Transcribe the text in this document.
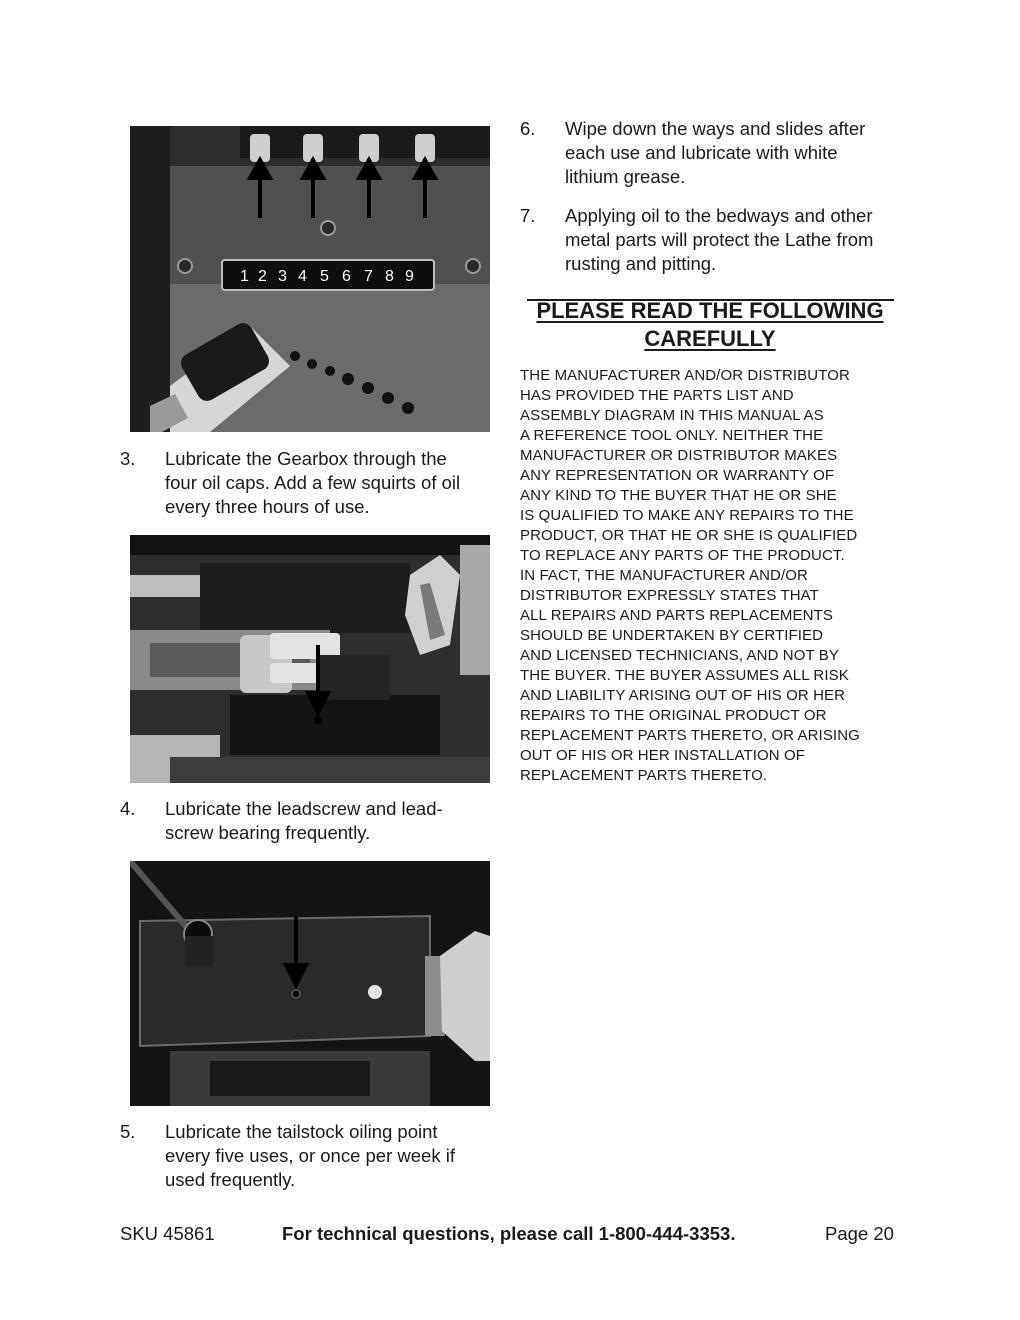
1 2 3 4 5 6 7 8 9
3. Lubricate the Gearbox through the
four oil caps. Add a few squirts of oil
every three hours of use.
4. Lubricate the leadscrew and lead-
screw bearing frequently.
5. Lubricate the tailstock oiling point
every five uses, or once per week if
used frequently.
6. Wipe down the ways and slides after
each use and lubricate with white
lithium grease.
7. Applying oil to the bedways and other
metal parts will protect the Lathe from
rusting and pitting.
PLEASE READ THE FOLLOWING
CAREFULLY
THE MANUFACTURER AND/OR DISTRIBUTOR
HAS PROVIDED THE PARTS LIST AND
ASSEMBLY DIAGRAM IN THIS MANUAL AS
A REFERENCE TOOL ONLY. NEITHER THE
MANUFACTURER OR DISTRIBUTOR MAKES
ANY REPRESENTATION OR WARRANTY OF
ANY KIND TO THE BUYER THAT HE OR SHE
IS QUALIFIED TO MAKE ANY REPAIRS TO THE
PRODUCT, OR THAT HE OR SHE IS QUALIFIED
TO REPLACE ANY PARTS OF THE PRODUCT.
IN FACT, THE MANUFACTURER AND/OR
DISTRIBUTOR EXPRESSLY STATES THAT
ALL REPAIRS AND PARTS REPLACEMENTS
SHOULD BE UNDERTAKEN BY CERTIFIED
AND LICENSED TECHNICIANS, AND NOT BY
THE BUYER. THE BUYER ASSUMES ALL RISK
AND LIABILITY ARISING OUT OF HIS OR HER
REPAIRS TO THE ORIGINAL PRODUCT OR
REPLACEMENT PARTS THERETO, OR ARISING
OUT OF HIS OR HER INSTALLATION OF
REPLACEMENT PARTS THERETO.
SKU 45861	For technical questions, please call 1-800-444-3353.	Page 20
